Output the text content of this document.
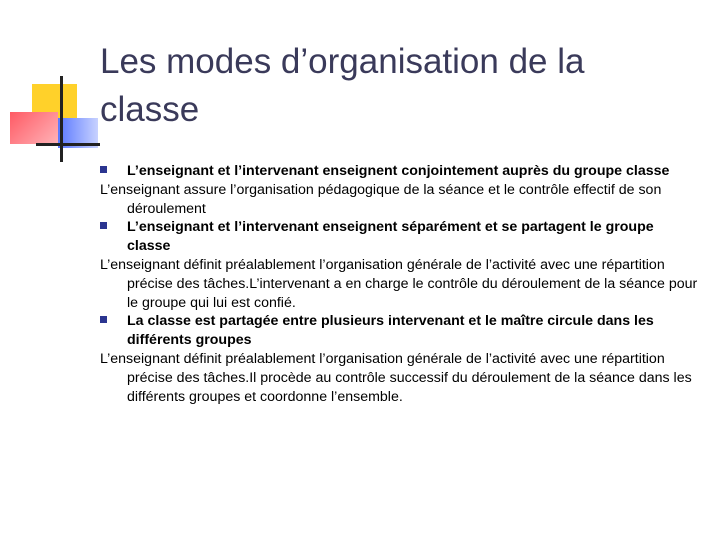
Les modes d’organisation de la classe

L’enseignant et l’intervenant enseignent conjointement auprès du groupe classe

L’enseignant assure l’organisation pédagogique de la séance et le contrôle effectif de son déroulement

L’enseignant et l’intervenant enseignent séparément et se partagent le groupe classe

L’enseignant définit préalablement l’organisation générale de l’activité avec une répartition précise des tâches.L’intervenant a en charge le contrôle du déroulement de la séance pour le groupe qui lui est confié.

La classe est partagée entre plusieurs intervenant et le maître circule dans les différents groupes

L’enseignant définit préalablement l’organisation générale de l’activité avec une répartition précise des tâches.Il procède au contrôle successif du déroulement de la séance dans les différents groupes et coordonne l’ensemble.
